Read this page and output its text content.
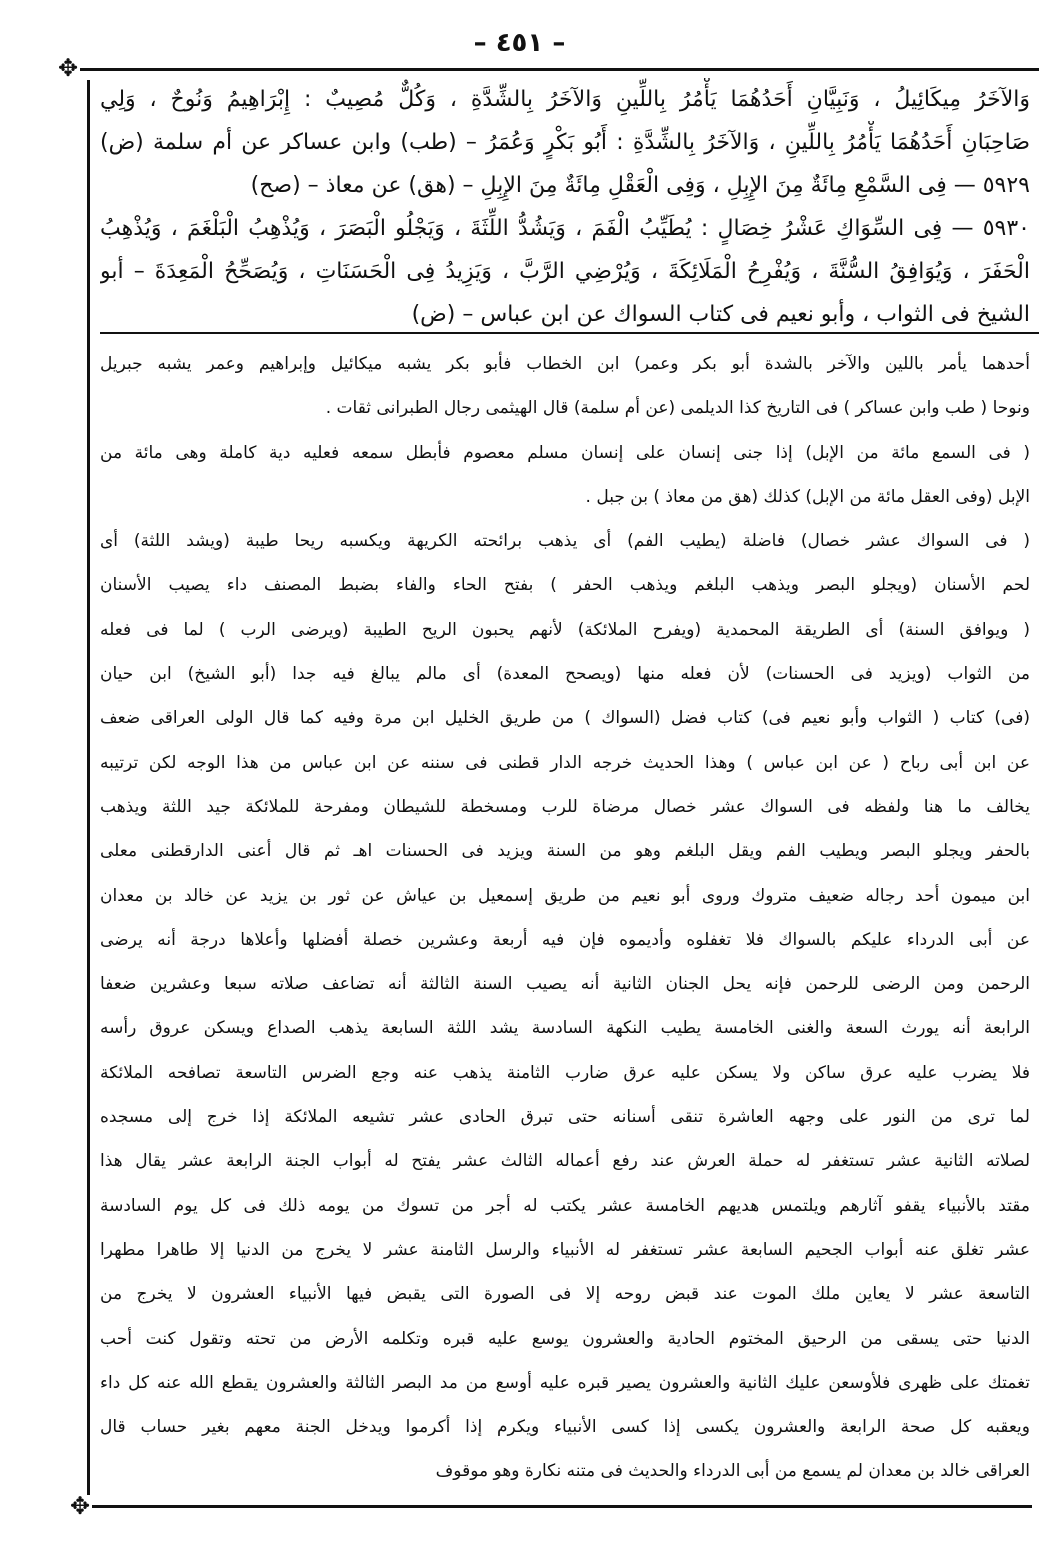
– ٤٥١ –
✥
✥
وَالآخَرُ مِيكَائِيلُ ، وَنَبِيَّانِ أَحَدُهُمَا يَأْمُرُ بِاللِّينِ وَالآخَرُ بِالشِّدَّةِ ، وَكُلٌّ مُصِيبٌ : إِبْرَاهِيمُ وَنُوحٌ ، وَلِي
صَاحِبَانِ أَحَدُهُمَا يَأْمُرُ بِاللِّينِ ، وَالآخَرُ بِالشِّدَّةِ : أَبُو بَكْرٍ وَعُمَرُ – (طب) وابن عساكر عن أم سلمة (ض)
٥٩٢٩ — فِى السَّمْعِ مِائَةٌ مِنَ الإِبِلِ ، وَفِى الْعَقْلِ مِائَةٌ مِنَ الإِبِلِ – (هق) عن معاذ – (صح)
٥٩٣٠ — فِى السِّوَاكِ عَشْرُ خِصَالٍ : يُطَيِّبُ الْفَمَ ، وَيَشُدُّ اللِّثَةَ ، وَيَجْلُو الْبَصَرَ ، وَيُذْهِبُ الْبَلْغَمَ ، وَيُذْهِبُ
الْحَفَرَ ، وَيُوَافِقُ السُّنَّةَ ، وَيُفْرِحُ الْمَلَائِكَةَ ، وَيُرْضِي الرَّبَّ ، وَيَزِيدُ فِى الْحَسَنَاتِ ، وَيُصَحِّحُ الْمَعِدَةَ – أبو
الشيخ فى الثواب ، وأبو نعيم فى كتاب السواك عن ابن عباس – (ض)
أحدهما يأمر باللين والآخر بالشدة أبو بكر وعمر) ابن الخطاب فأبو بكر يشبه ميكائيل وإبراهيم وعمر يشبه جبريل
ونوحا ( طب وابن عساكر ) فى التاريخ كذا الديلمى (عن أم سلمة) قال الهيثمى رجال الطبرانى ثقات .
( فى السمع مائة من الإبل) إذا جنى إنسان على إنسان مسلم معصوم فأبطل سمعه فعليه دية كاملة وهى مائة من
الإبل (وفى العقل مائة من الإبل) كذلك (هق من معاذ ) بن جبل .
( فى السواك عشر خصال) فاضلة (يطيب الفم) أى يذهب برائحته الكريهة ويكسبه ريحا طيبة (ويشد اللثة) أى
لحم الأسنان (ويجلو البصر ويذهب البلغم ويذهب الحفر ) بفتح الحاء والفاء بضبط المصنف داء يصيب الأسنان
( ويوافق السنة) أى الطريقة المحمدية (ويفرح الملائكة) لأنهم يحبون الريح الطيبة (ويرضى الرب ) لما فى فعله
من الثواب (ويزيد فى الحسنات) لأن فعله منها (ويصحح المعدة) أى مالم يبالغ فيه جدا (أبو الشيخ) ابن حيان
(فى) كتاب ( الثواب وأبو نعيم فى) كتاب فضل (السواك ) من طريق الخليل ابن مرة وفيه كما قال الولى العراقى ضعف
عن ابن أبى رباح ( عن ابن عباس ) وهذا الحديث خرجه الدار قطنى فى سننه عن ابن عباس من هذا الوجه لكن ترتيبه
يخالف ما هنا ولفظه فى السواك عشر خصال مرضاة للرب ومسخطة للشيطان ومفرحة للملائكة جيد اللثة ويذهب
بالحفر ويجلو البصر ويطيب الفم ويقل البلغم وهو من السنة ويزيد فى الحسنات اهـ ثم قال أعنى الدارقطنى معلى
ابن ميمون أحد رجاله ضعيف متروك وروى أبو نعيم من طريق إسمعيل بن عياش عن ثور بن يزيد عن خالد بن معدان
عن أبى الدرداء عليكم بالسواك فلا تغفلوه وأديموه فإن فيه أربعة وعشرين خصلة أفضلها وأعلاها درجة أنه يرضى
الرحمن ومن الرضى للرحمن فإنه يحل الجنان الثانية أنه يصيب السنة الثالثة أنه تضاعف صلاته سبعا وعشرين ضعفا
الرابعة أنه يورث السعة والغنى الخامسة يطيب النكهة السادسة يشد اللثة السابعة يذهب الصداع ويسكن عروق رأسه
فلا يضرب عليه عرق ساكن ولا يسكن عليه عرق ضارب الثامنة يذهب عنه وجع الضرس التاسعة تصافحه الملائكة
لما ترى من النور على وجهه العاشرة تنقى أسنانه حتى تبرق الحادى عشر تشيعه الملائكة إذا خرج إلى مسجده
لصلاته الثانية عشر تستغفر له حملة العرش عند رفع أعماله الثالث عشر يفتح له أبواب الجنة الرابعة عشر يقال هذا
مقتد بالأنبياء يقفو آثارهم ويلتمس هديهم الخامسة عشر يكتب له أجر من تسوك من يومه ذلك فى كل يوم السادسة
عشر تغلق عنه أبواب الجحيم السابعة عشر تستغفر له الأنبياء والرسل الثامنة عشر لا يخرج من الدنيا إلا طاهرا مطهرا
التاسعة عشر لا يعاين ملك الموت عند قبض روحه إلا فى الصورة التى يقبض فيها الأنبياء العشرون لا يخرج من
الدنيا حتى يسقى من الرحيق المختوم الحادية والعشرون يوسع عليه قبره وتكلمه الأرض من تحته وتقول كنت أحب
تغمتك على ظهرى فلأوسعن عليك الثانية والعشرون يصير قبره عليه أوسع من مد البصر الثالثة والعشرون يقطع الله عنه كل داء
ويعقبه كل صحة الرابعة والعشرون يكسى إذا كسى الأنبياء ويكرم إذا أكرموا ويدخل الجنة معهم بغير حساب قال
العراقى خالد بن معدان لم يسمع من أبى الدرداء والحديث فى متنه نكارة وهو موقوف
